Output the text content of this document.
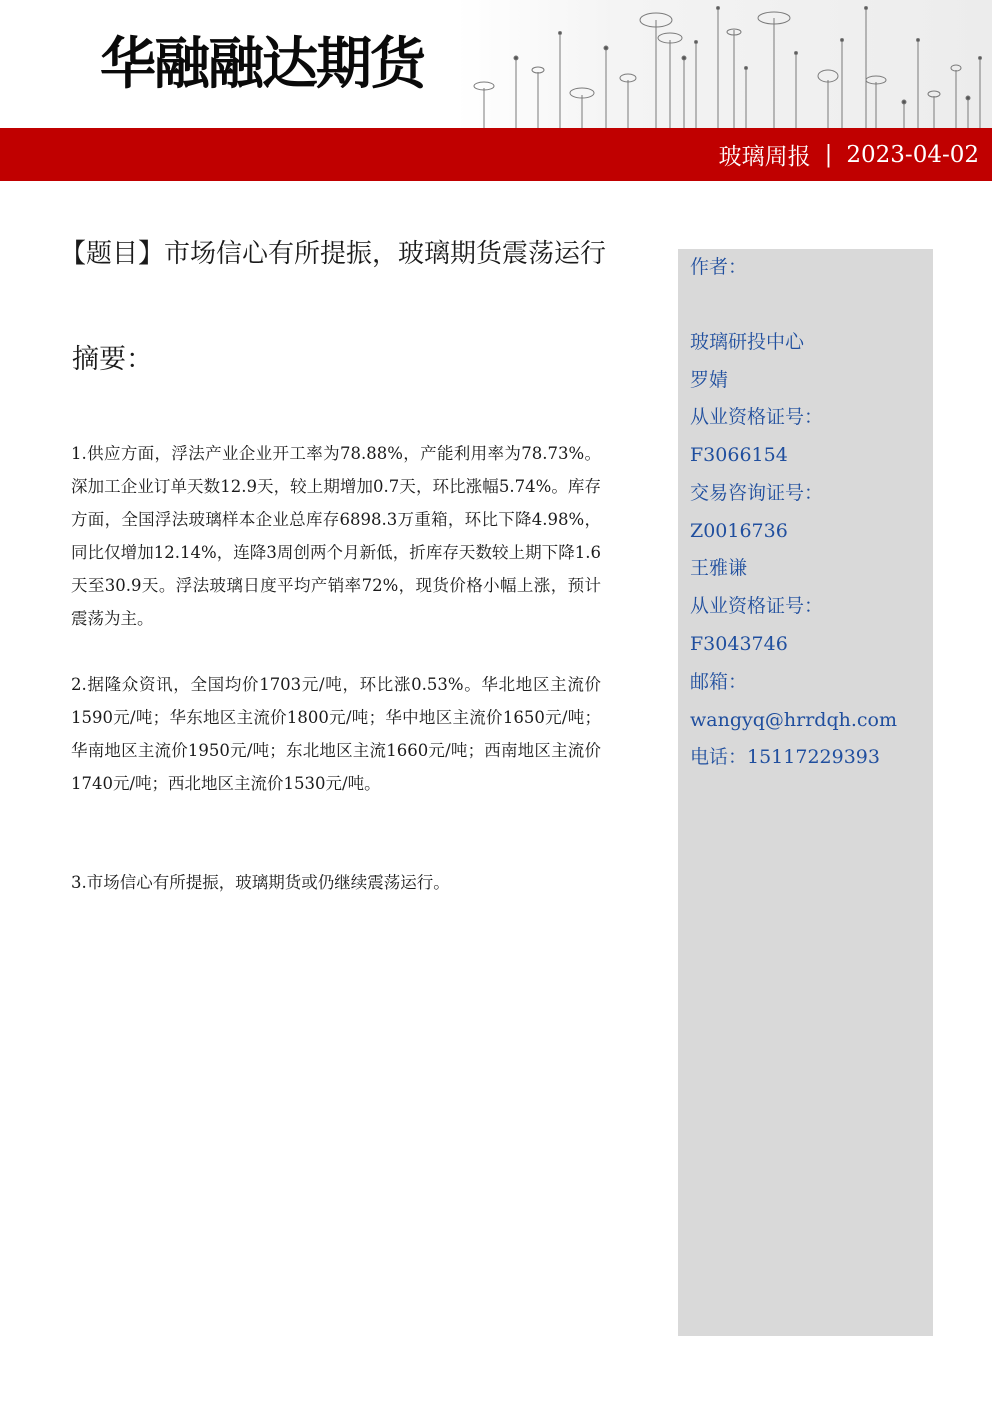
华融融达期货
玻璃周报 | 2023-04-02
【题目】市场信心有所提振，玻璃期货震荡运行
摘要：

1.供应方面，浮法产业企业开工率为78.88%，产能利用率为78.73%。深加工企业订单天数12.9天，较上期增加0.7天，环比涨幅5.74%。库存方面，全国浮法玻璃样本企业总库存6898.3万重箱，环比下降4.98%，同比仅增加12.14%，连降3周创两个月新低，折库存天数较上期下降1.6天至30.9天。浮法玻璃日度平均产销率72%，现货价格小幅上涨，预计震荡为主。

2.据隆众资讯，全国均价1703元/吨，环比涨0.53%。华北地区主流价1590元/吨；华东地区主流价1800元/吨；华中地区主流价1650元/吨； 华南地区主流价1950元/吨；东北地区主流1660元/吨；西南地区主流价1740元/吨；西北地区主流价1530元/吨。

3.市场信心有所提振，玻璃期货或仍继续震荡运行。

作者：
玻璃研投中心
罗婧
从业资格证号：
F3066154
交易咨询证号：
Z0016736
王雅谦
从业资格证号：
F3043746
邮箱：
wangyq@hrrdqh.com
电话：15117229393
